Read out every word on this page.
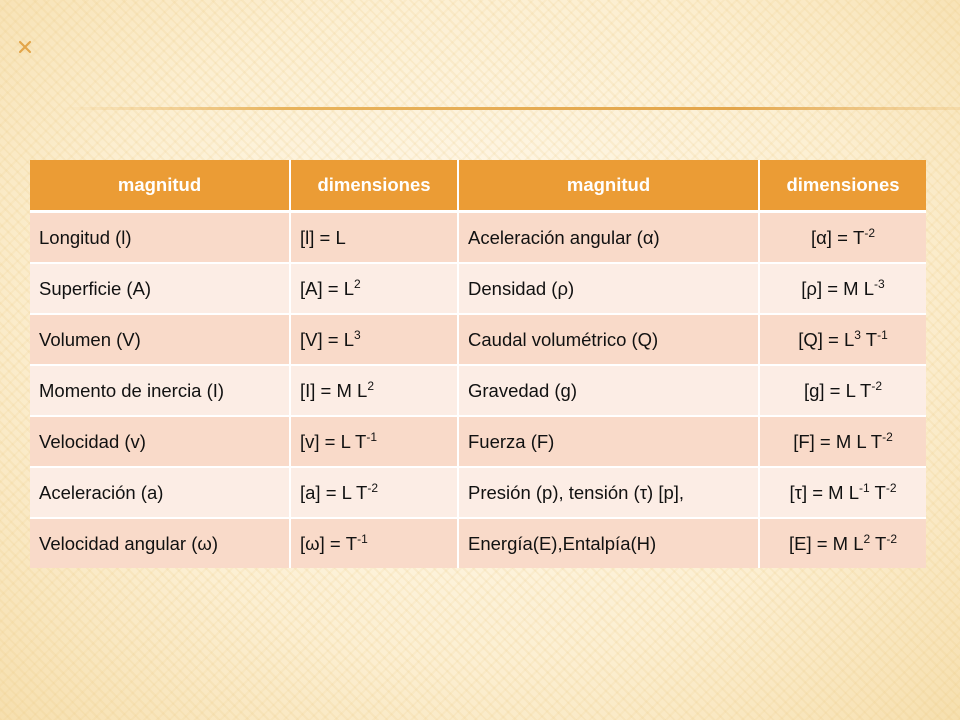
magnitud	dimensiones	magnitud	dimensiones
Longitud (l)	[l] = L	Aceleración angular (α)	$[\alpha] = T^{-2}$
Superficie (A)	$[A] = L^2$	Densidad (ρ)	[ρ] = M $L^{-3}$
Volumen (V)	$[V] = L^3$	Caudal volumétrico (Q)	$[Q] = L^3$ $T^{-1}$
Momento de inercia (I)	[I] = M $L^2$	Gravedad (g)	[g] = L $T^{-2}$
Velocidad (v)	[v] = L $T^{-1}$	Fuerza (F)	[F] = M L $T^{-2}$
Aceleración (a)	[a] = L $T^{-2}$	Presión (p), tensión (τ) [p],	[τ] = M $L^{-1}$ $T^{-2}$
Velocidad angular (ω)	$[\omega] = T^{-1}$	Energía(E),Entalpía(H)	[E] = M $L^2$ $T^{-2}$
